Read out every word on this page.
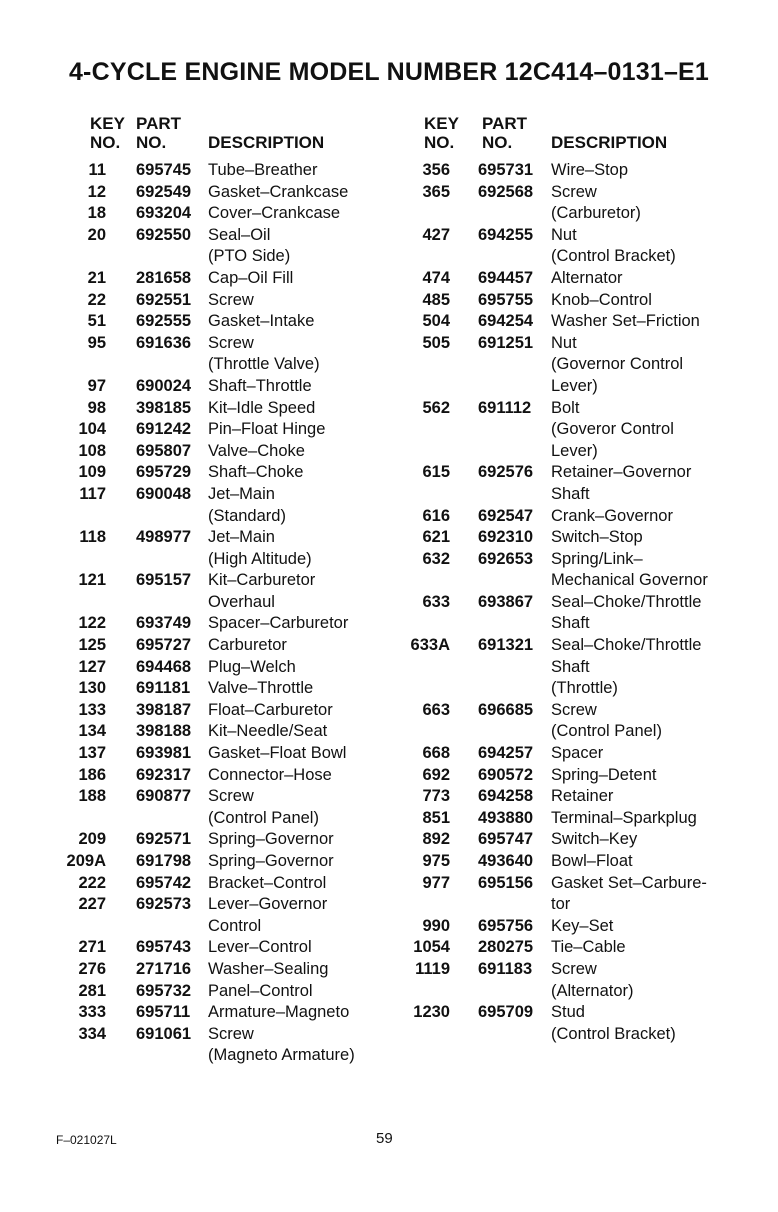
4-CYCLE ENGINE MODEL NUMBER 12C414–0131–E1
KEY
NO.
PART
NO. DESCRIPTION
11 695745 Tube–Breather
12 692549 Gasket–Crankcase
18 693204 Cover–Crankcase
20 692550 Seal–Oil
(PTO Side)
21 281658 Cap–Oil Fill
22 692551 Screw
51 692555 Gasket–Intake
95 691636 Screw
(Throttle Valve)
97 690024 Shaft–Throttle
98 398185 Kit–Idle Speed
104 691242 Pin–Float Hinge
108 695807 Valve–Choke
109 695729 Shaft–Choke
117 690048 Jet–Main
(Standard)
118 498977 Jet–Main
(High Altitude)
121 695157 Kit–Carburetor
Overhaul
122 693749 Spacer–Carburetor
125 695727 Carburetor
127 694468 Plug–Welch
130 691181 Valve–Throttle
133 398187 Float–Carburetor
134 398188 Kit–Needle/Seat
137 693981 Gasket–Float Bowl
186 692317 Connector–Hose
188 690877 Screw
(Control Panel)
209 692571 Spring–Governor
209A 691798 Spring–Governor
222 695742 Bracket–Control
227 692573 Lever–Governor
Control
271 695743 Lever–Control
276 271716 Washer–Sealing
281 695732 Panel–Control
333 695711 Armature–Magneto
334 691061 Screw
(Magneto Armature)
KEY
NO.
PART
NO. DESCRIPTION
356 695731 Wire–Stop
365 692568 Screw
(Carburetor)
427 694255 Nut
(Control Bracket)
474 694457 Alternator
485 695755 Knob–Control
504 694254 Washer Set–Friction
505 691251 Nut
(Governor Control
Lever)
562 691112 Bolt
(Goveror Control
Lever)
615 692576 Retainer–Governor
Shaft
616 692547 Crank–Governor
621 692310 Switch–Stop
632 692653 Spring/Link–
Mechanical Governor
633 693867 Seal–Choke/Throttle
Shaft
633A 691321 Seal–Choke/Throttle
Shaft
(Throttle)
663 696685 Screw
(Control Panel)
668 694257 Spacer
692 690572 Spring–Detent
773 694258 Retainer
851 493880 Terminal–Sparkplug
892 695747 Switch–Key
975 493640 Bowl–Float
977 695156 Gasket Set–Carbure-
tor
990 695756 Key–Set
1054 280275 Tie–Cable
1119 691183 Screw
(Alternator)
1230 695709 Stud
(Control Bracket)
F–021027L	59
